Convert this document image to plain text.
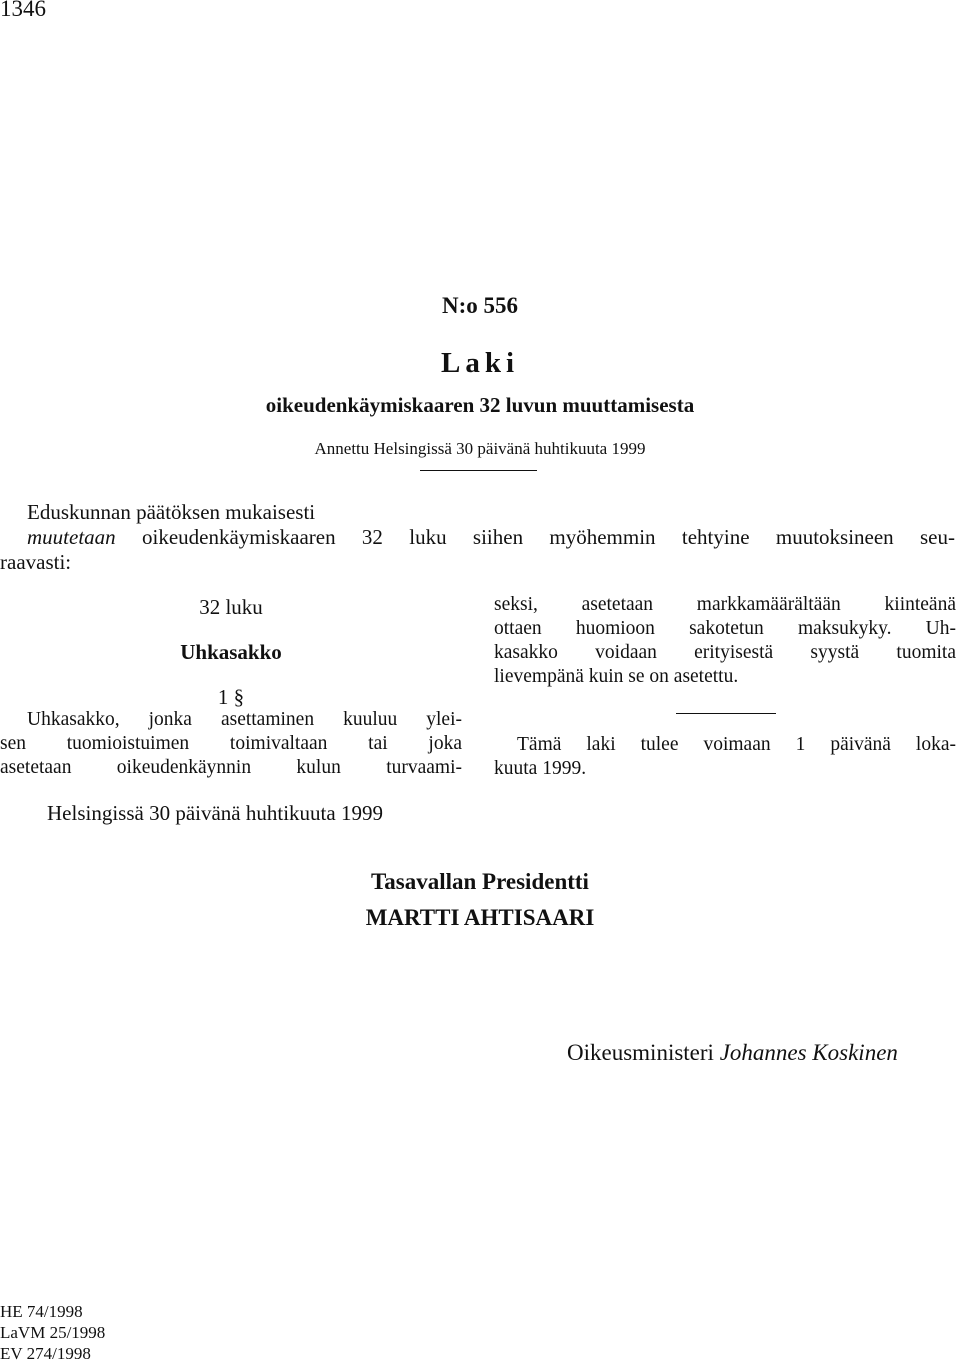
1346
N:o 556
Laki
oikeudenkäymiskaaren 32 luvun muuttamisesta
Annettu Helsingissä 30 päivänä huhtikuuta 1999
Eduskunnan päätöksen mukaisesti
muutetaan oikeudenkäymiskaaren 32 luku siihen myöhemmin tehtyine muutoksineen seu-
raavasti:
32 luku
Uhkasakko
1 §
Uhkasakko, jonka asettaminen kuuluu ylei-
sen tuomioistuimen toimivaltaan tai joka
asetetaan oikeudenkäynnin kulun turvaami-
seksi, asetetaan markkamäärältään kiinteänä
ottaen huomioon sakotetun maksukyky. Uh-
kasakko voidaan erityisestä syystä tuomita
lievempänä kuin se on asetettu.
Tämä laki tulee voimaan 1 päivänä loka-
kuuta 1999.
Helsingissä 30 päivänä huhtikuuta 1999
Tasavallan Presidentti
MARTTI AHTISAARI
Oikeusministeri Johannes Koskinen
HE 74/1998
LaVM 25/1998
EV 274/1998
